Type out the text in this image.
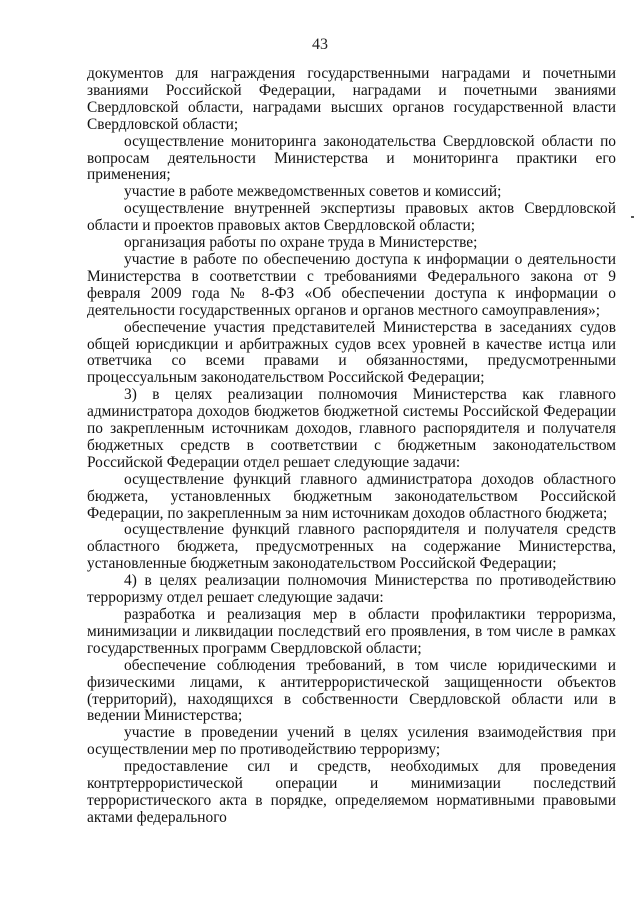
43

документов для награждения государственными наградами и почетными званиями Российской Федерации, наградами и почетными званиями Свердловской области, наградами высших органов государственной власти Свердловской области;

осуществление мониторинга законодательства Свердловской области по вопросам деятельности Министерства и мониторинга практики его применения;

участие в работе межведомственных советов и комиссий;

осуществление внутренней экспертизы правовых актов Свердловской области и проектов правовых актов Свердловской области;

организация работы по охране труда в Министерстве;

участие в работе по обеспечению доступа к информации о деятельности Министерства в соответствии с требованиями Федерального закона от 9 февраля 2009 года № 8-ФЗ «Об обеспечении доступа к информации о деятельности государственных органов и органов местного самоуправления»;

обеспечение участия представителей Министерства в заседаниях судов общей юрисдикции и арбитражных судов всех уровней в качестве истца или ответчика со всеми правами и обязанностями, предусмотренными процессуальным законодательством Российской Федерации;

3) в целях реализации полномочия Министерства как главного администратора доходов бюджетов бюджетной системы Российской Федерации по закрепленным источникам доходов, главного распорядителя и получателя бюджетных средств в соответствии с бюджетным законодательством Российской Федерации отдел решает следующие задачи:

осуществление функций главного администратора доходов областного бюджета, установленных бюджетным законодательством Российской Федерации, по закрепленным за ним источникам доходов областного бюджета;

осуществление функций главного распорядителя и получателя средств областного бюджета, предусмотренных на содержание Министерства, установленные бюджетным законодательством Российской Федерации;

4) в целях реализации полномочия Министерства по противодействию терроризму отдел решает следующие задачи:

разработка и реализация мер в области профилактики терроризма, минимизации и ликвидации последствий его проявления, в том числе в рамках государственных программ Свердловской области;

обеспечение соблюдения требований, в том числе юридическими и физическими лицами, к антитеррористической защищенности объектов (территорий), находящихся в собственности Свердловской области или в ведении Министерства;

участие в проведении учений в целях усиления взаимодействия при осуществлении мер по противодействию терроризму;

предоставление сил и средств, необходимых для проведения контртеррористической операции и минимизации последствий террористического акта в порядке, определяемом нормативными правовыми актами федерального
